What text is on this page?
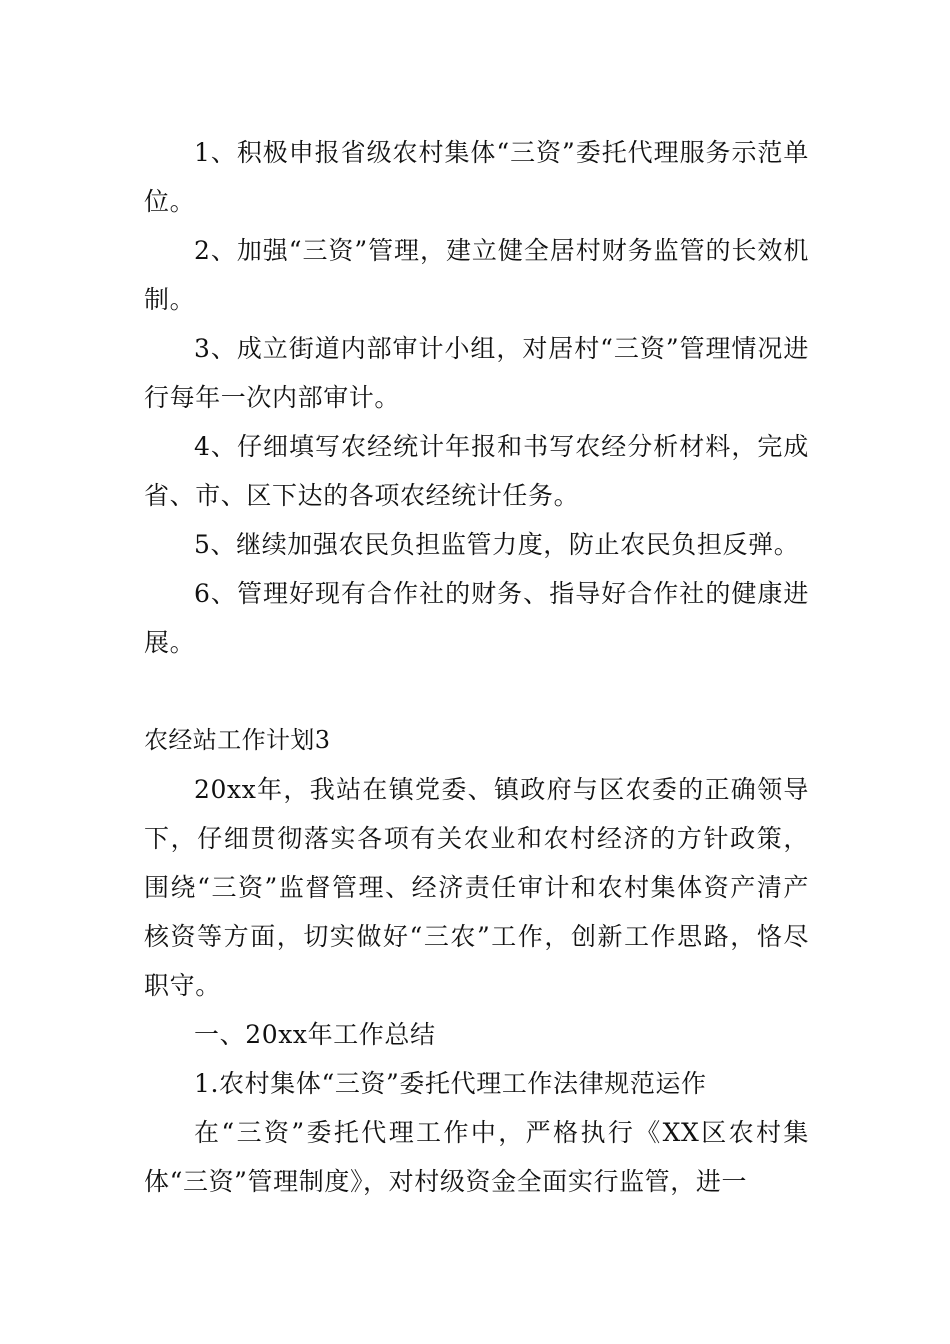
1、积极申报省级农村集体“三资”委托代理服务示范单位。

2、加强“三资”管理，建立健全居村财务监管的长效机制。

3、成立街道内部审计小组，对居村“三资”管理情况进行每年一次内部审计。

4、仔细填写农经统计年报和书写农经分析材料，完成省、市、区下达的各项农经统计任务。

5、继续加强农民负担监管力度，防止农民负担反弹。

6、管理好现有合作社的财务、指导好合作社的健康进展。

农经站工作计划3

20xx年，我站在镇党委、镇政府与区农委的正确领导下，仔细贯彻落实各项有关农业和农村经济的方针政策，围绕“三资”监督管理、经济责任审计和农村集体资产清产核资等方面，切实做好“三农”工作，创新工作思路，恪尽职守。

一、20xx年工作总结

1.农村集体“三资”委托代理工作法律规范运作

在“三资”委托代理工作中，严格执行《XX区农村集体“三资”管理制度》，对村级资金全面实行监管，进一
